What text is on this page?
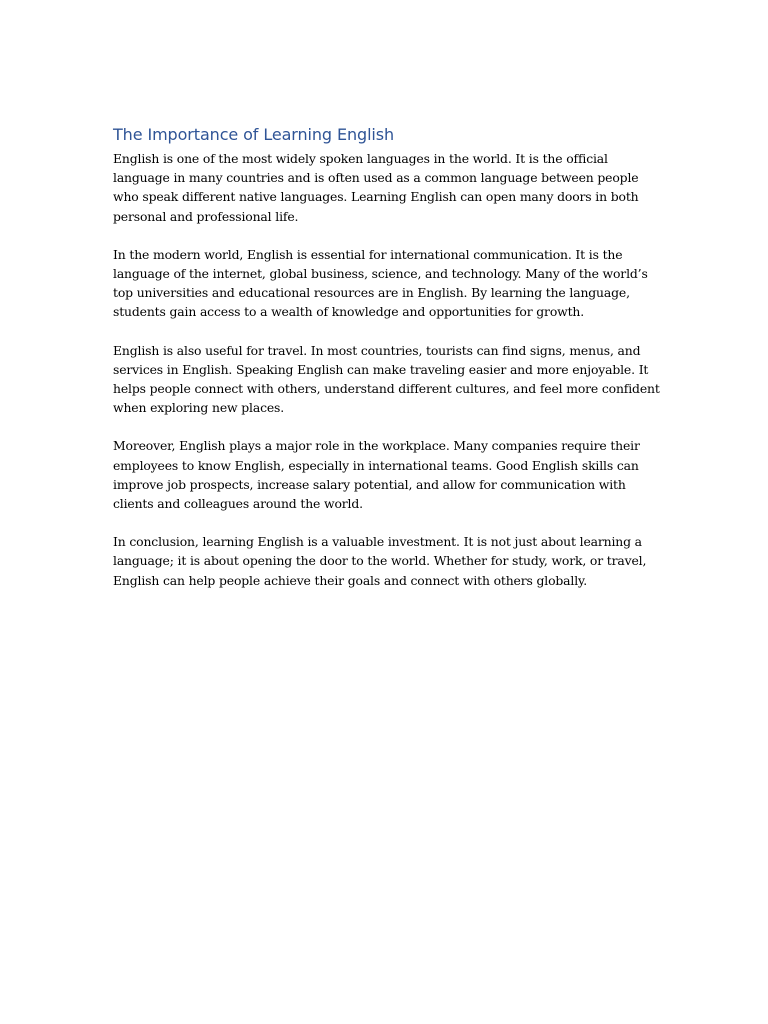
The Importance of Learning English

English is one of the most widely spoken languages in the world. It is the official language in many countries and is often used as a common language between people who speak different native languages. Learning English can open many doors in both personal and professional life.

In the modern world, English is essential for international communication. It is the language of the internet, global business, science, and technology. Many of the world’s top universities and educational resources are in English. By learning the language, students gain access to a wealth of knowledge and opportunities for growth.

English is also useful for travel. In most countries, tourists can find signs, menus, and services in English. Speaking English can make traveling easier and more enjoyable. It helps people connect with others, understand different cultures, and feel more confident when exploring new places.

Moreover, English plays a major role in the workplace. Many companies require their employees to know English, especially in international teams. Good English skills can improve job prospects, increase salary potential, and allow for communication with clients and colleagues around the world.

In conclusion, learning English is a valuable investment. It is not just about learning a language; it is about opening the door to the world. Whether for study, work, or travel, English can help people achieve their goals and connect with others globally.
